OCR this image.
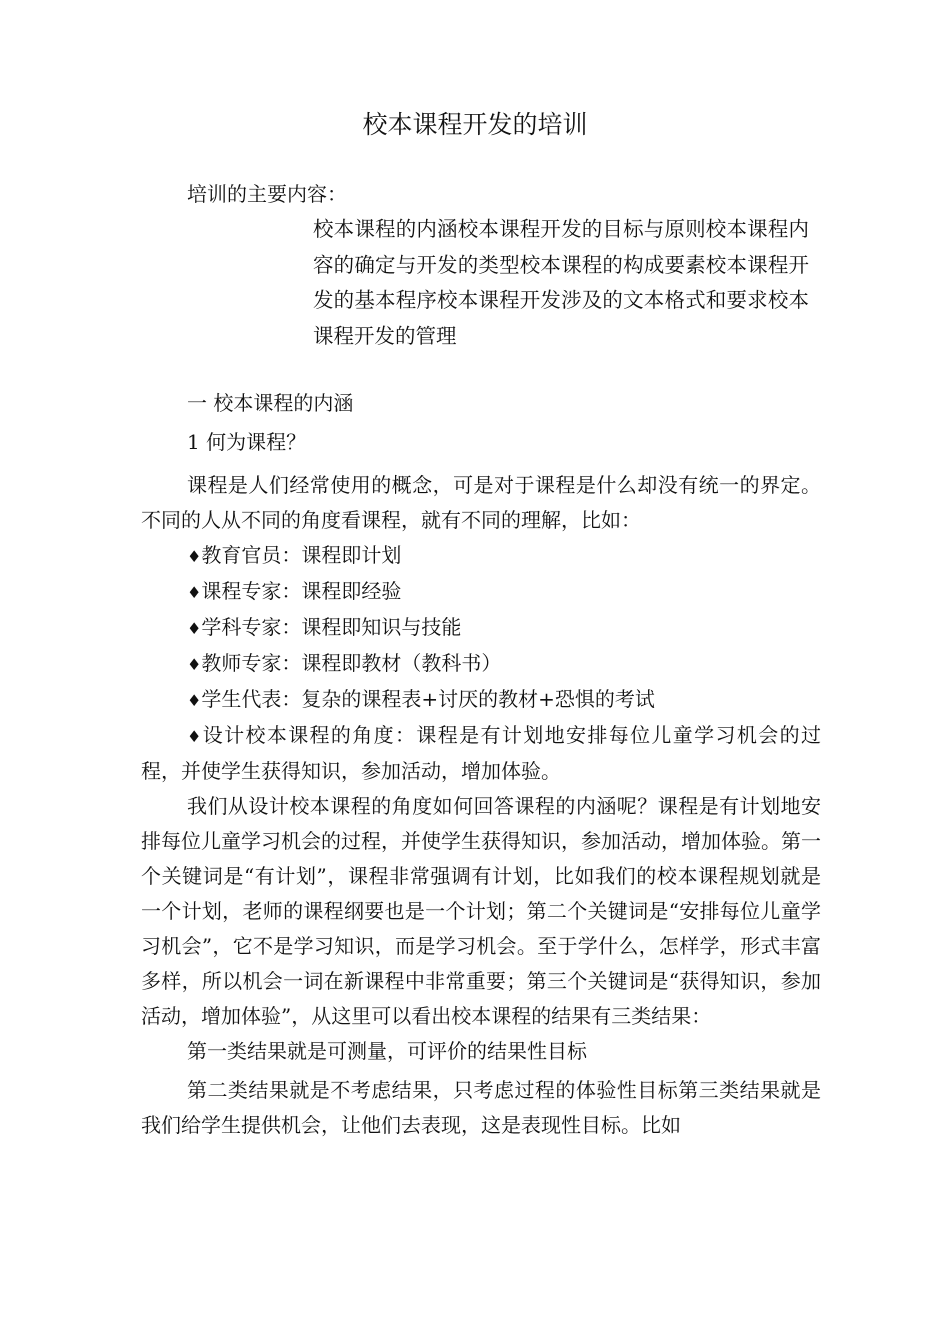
校本课程开发的培训
培训的主要内容：

校本课程的内涵校本课程开发的目标与原则校本课程内容的确定与开发的类型校本课程的构成要素校本课程开发的基本程序校本课程开发涉及的文本格式和要求校本课程开发的管理

一 校本课程的内涵
1 何为课程？

课程是人们经常使用的概念，可是对于课程是什么却没有统一的界定。不同的人从不同的角度看课程，就有不同的理解，比如：

♦教育官员：课程即计划

♦课程专家：课程即经验

♦学科专家：课程即知识与技能

♦教师专家：课程即教材（教科书）

♦学生代表：复杂的课程表+讨厌的教材+恐惧的考试

♦设计校本课程的角度：课程是有计划地安排每位儿童学习机会的过程，并使学生获得知识，参加活动，增加体验。

我们从设计校本课程的角度如何回答课程的内涵呢？课程是有计划地安排每位儿童学习机会的过程，并使学生获得知识，参加活动，增加体验。第一个关键词是“有计划”，课程非常强调有计划，比如我们的校本课程规划就是一个计划，老师的课程纲要也是一个计划；第二个关键词是“安排每位儿童学习机会”，它不是学习知识，而是学习机会。至于学什么，怎样学，形式丰富多样，所以机会一词在新课程中非常重要；第三个关键词是“获得知识，参加活动，增加体验”，从这里可以看出校本课程的结果有三类结果：

第一类结果就是可测量，可评价的结果性目标

第二类结果就是不考虑结果，只考虑过程的体验性目标第三类结果就是我们给学生提供机会，让他们去表现，这是表现性目标。比如
